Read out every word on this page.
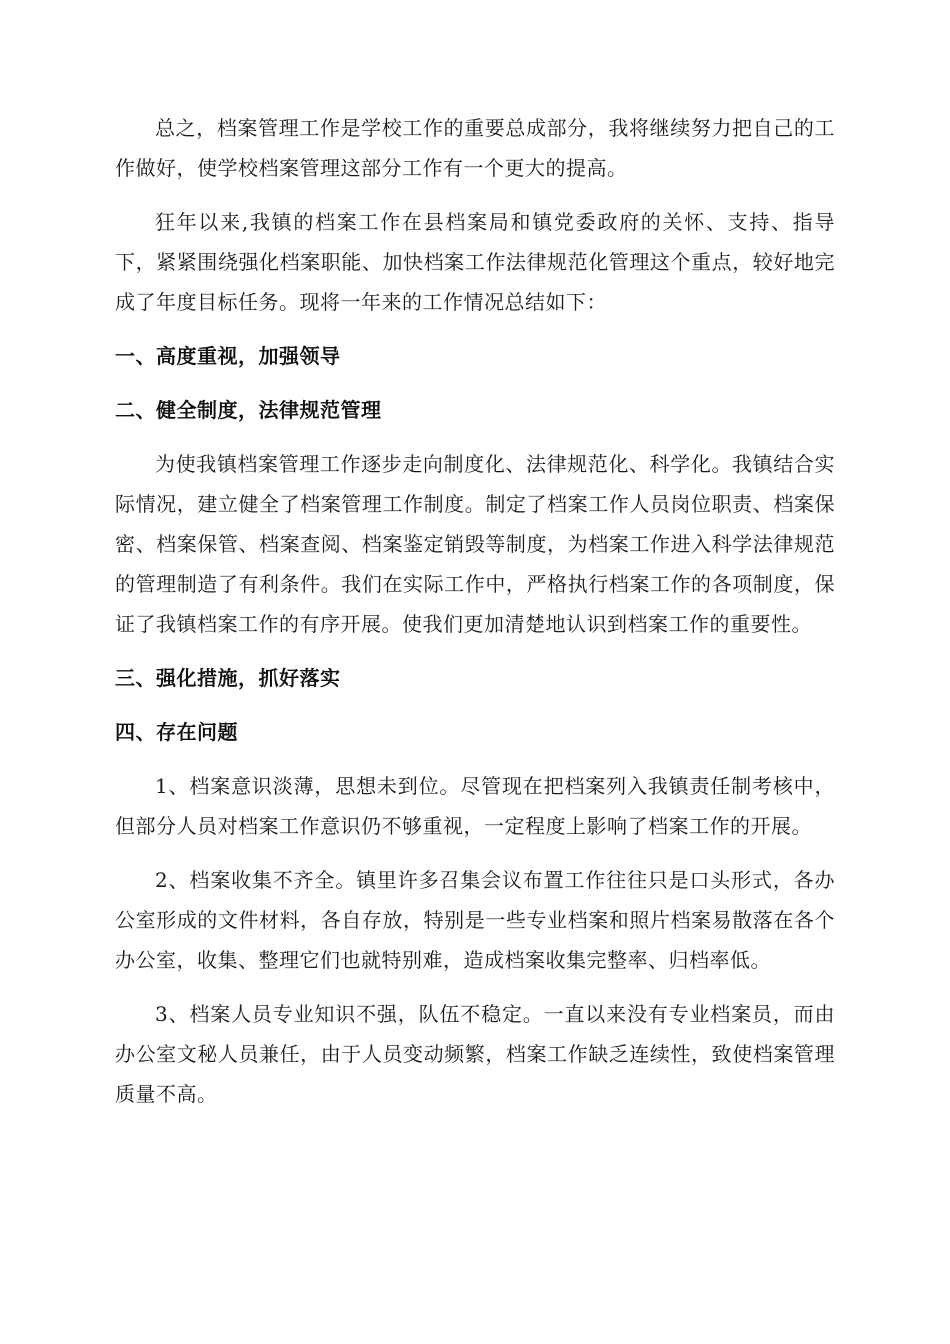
总之，档案管理工作是学校工作的重要总成部分，我将继续努力把自己的工作做好，使学校档案管理这部分工作有一个更大的提高。

狂年以来,我镇的档案工作在县档案局和镇党委政府的关怀、支持、指导下，紧紧围绕强化档案职能、加快档案工作法律规范化管理这个重点，较好地完成了年度目标任务。现将一年来的工作情况总结如下：

一、高度重视，加强领导
二、健全制度，法律规范管理

为使我镇档案管理工作逐步走向制度化、法律规范化、科学化。我镇结合实际情况，建立健全了档案管理工作制度。制定了档案工作人员岗位职责、档案保密、档案保管、档案查阅、档案鉴定销毁等制度，为档案工作进入科学法律规范的管理制造了有利条件。我们在实际工作中，严格执行档案工作的各项制度，保证了我镇档案工作的有序开展。使我们更加清楚地认识到档案工作的重要性。

三、强化措施，抓好落实
四、存在问题

1、档案意识淡薄，思想未到位。尽管现在把档案列入我镇责任制考核中，但部分人员对档案工作意识仍不够重视，一定程度上影响了档案工作的开展。

2、档案收集不齐全。镇里许多召集会议布置工作往往只是口头形式，各办公室形成的文件材料，各自存放，特别是一些专业档案和照片档案易散落在各个办公室，收集、整理它们也就特别难，造成档案收集完整率、归档率低。

3、档案人员专业知识不强，队伍不稳定。一直以来没有专业档案员，而由办公室文秘人员兼任，由于人员变动频繁，档案工作缺乏连续性，致使档案管理质量不高。
